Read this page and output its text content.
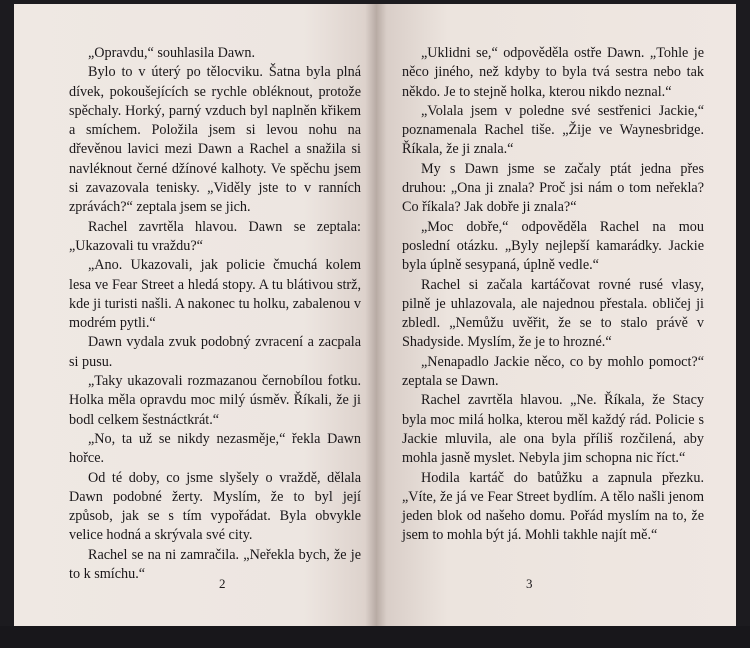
„Opravdu,“ souhlasila Dawn.

Bylo to v úterý po tělocviku. Šatna byla plná dívek, pokoušejících se rychle obléknout, protože spěchaly. Horký, parný vzduch byl naplněn křikem a smíchem. Položila jsem si levou nohu na dřevěnou lavici mezi Dawn a Rachel a snažila si navléknout černé džínové kalhoty. Ve spěchu jsem si zavazovala tenisky. „Viděly jste to v ranních zprávách?“ zeptala jsem se jich.

Rachel zavrtěla hlavou. Dawn se zeptala: „Ukazovali tu vraždu?“

„Ano. Ukazovali, jak policie čmuchá kolem lesa ve Fear Street a hledá stopy. A tu blátivou strž, kde ji turisti našli. A nakonec tu holku, zabalenou v modrém pytli.“

Dawn vydala zvuk podobný zvracení a zacpala si pusu.

„Taky ukazovali rozmazanou černobílou fotku. Holka měla opravdu moc milý úsměv. Říkali, že ji bodl celkem šestnáctkrát.“

„No, ta už se nikdy nezasměje,“ řekla Dawn hořce.

Od té doby, co jsme slyšely o vraždě, dělala Dawn podobné žerty. Myslím, že to byl její způsob, jak se s tím vypořádat. Byla obvykle velice hodná a skrývala své city.

Rachel se na ni zamračila. „Neřekla bych, že je to k smíchu.“

2

„Uklidni se,“ odpověděla ostře Dawn. „Tohle je něco jiného, než kdyby to byla tvá sestra nebo tak někdo. Je to stejně holka, kterou nikdo neznal.“

„Volala jsem v poledne své sestřenici Jackie,“ poznamenala Rachel tiše. „Žije ve Waynesbridge. Říkala, že ji znala.“

My s Dawn jsme se začaly ptát jedna přes druhou: „Ona ji znala? Proč jsi nám o tom neřekla? Co říkala? Jak dobře ji znala?“

„Moc dobře,“ odpověděla Rachel na mou poslední otázku. „Byly nejlepší kamarádky. Jackie byla úplně sesypaná, úplně vedle.“

Rachel si začala kartáčovat rovné rusé vlasy, pilně je uhlazovala, ale najednou přestala. obličej ji zbledl. „Nemůžu uvěřit, že se to stalo právě v Shadyside. Myslím, že je to hrozné.“

„Nenapadlo Jackie něco, co by mohlo pomoct?“ zeptala se Dawn.

Rachel zavrtěla hlavou. „Ne. Říkala, že Stacy byla moc milá holka, kterou měl každý rád. Policie s Jackie mluvila, ale ona byla příliš rozčilená, aby mohla jasně myslet. Nebyla jim schopna nic říct.“

Hodila kartáč do batůžku a zapnula přezku. „Víte, že já ve Fear Street bydlím. A tělo našli jenom jeden blok od našeho domu. Pořád myslím na to, že jsem to mohla být já. Mohli takhle najít mě.“

3
